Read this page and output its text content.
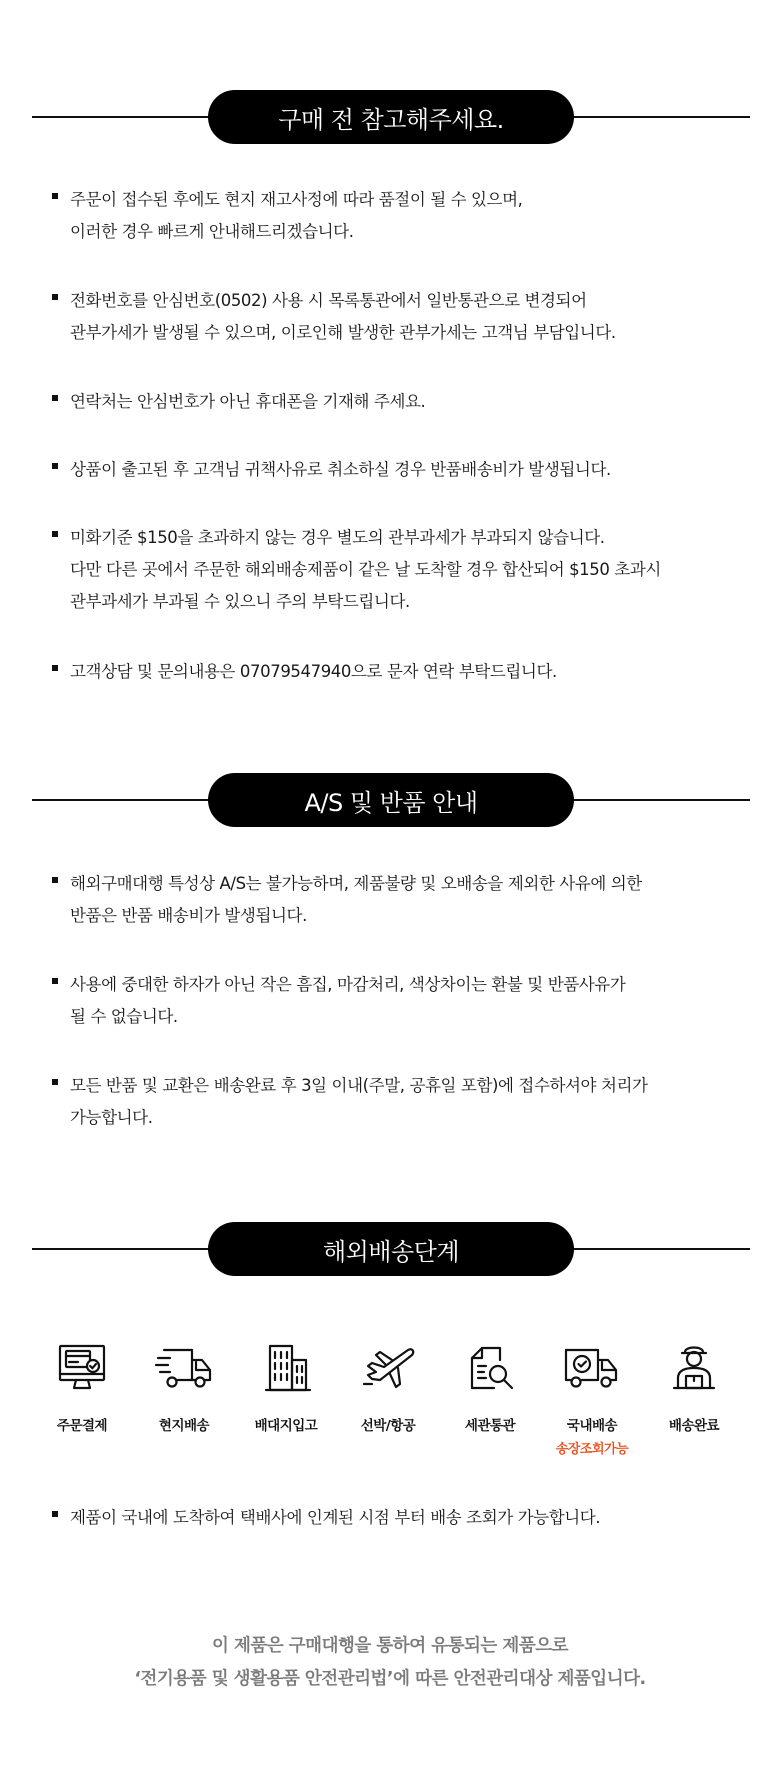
구매 전 참고해주세요.
주문이 접수된 후에도 현지 재고사정에 따라 품절이 될 수 있으며,
이러한 경우 빠르게 안내해드리겠습니다.
전화번호를 안심번호(0502) 사용 시 목록통관에서 일반통관으로 변경되어
관부가세가 발생될 수 있으며, 이로인해 발생한 관부가세는 고객님 부담입니다.
연락처는 안심번호가 아닌 휴대폰을 기재해 주세요.
상품이 출고된 후 고객님 귀책사유로 취소하실 경우 반품배송비가 발생됩니다.
미화기준 $150을 초과하지 않는 경우 별도의 관부과세가 부과되지 않습니다.
다만 다른 곳에서 주문한 해외배송제품이 같은 날 도착할 경우 합산되어 $150 초과시
관부과세가 부과될 수 있으니 주의 부탁드립니다.
고객상담 및 문의내용은 07079547940으로 문자 연락 부탁드립니다.
A/S 및 반품 안내
해외구매대행 특성상 A/S는 불가능하며, 제품불량 및 오배송을 제외한 사유에 의한
반품은 반품 배송비가 발생됩니다.
사용에 중대한 하자가 아닌 작은 흠집, 마감처리, 색상차이는 환불 및 반품사유가
될 수 없습니다.
모든 반품 및 교환은 배송완료 후 3일 이내(주말, 공휴일 포함)에 접수하셔야 처리가
가능합니다.
해외배송단계
주문결제	현지배송	배대지입고	선박/항공	세관통관	국내배송
송장조회가능
배송완료
제품이 국내에 도착하여 택배사에 인계된 시점 부터 배송 조회가 가능합니다.
이 제품은 구매대행을 통하여 유통되는 제품으로
‘전기용품 및 생활용품 안전관리법’에 따른 안전관리대상 제품입니다.
